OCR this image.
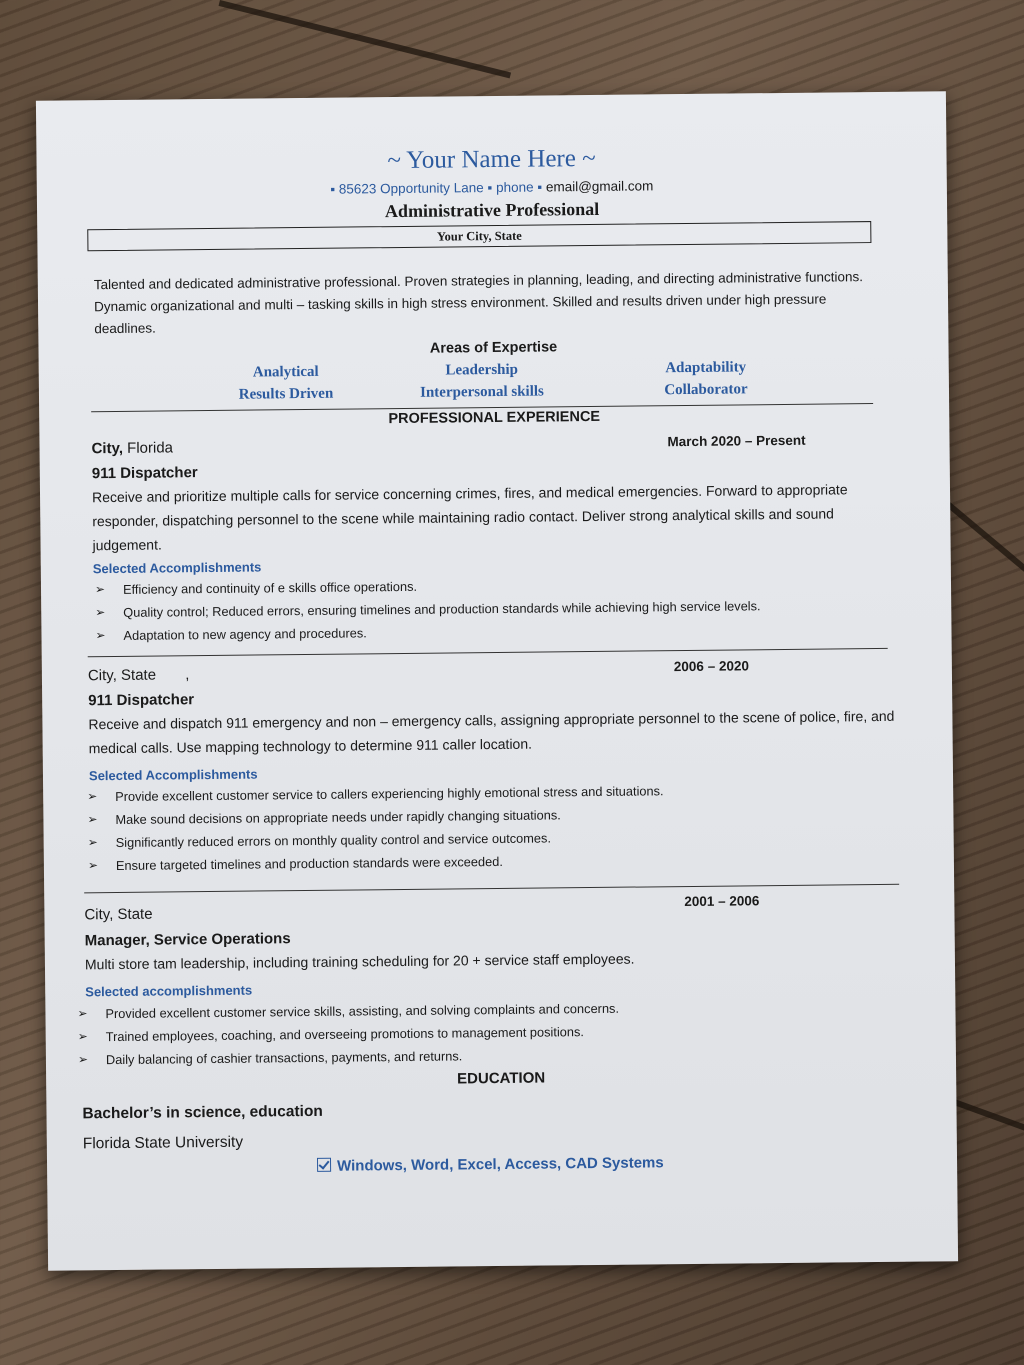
~ Your Name Here ~
▪ 85623 Opportunity Lane ▪ phone ▪ email@gmail.com
Administrative Professional
Your City, State
Talented and dedicated administrative professional. Proven strategies in planning, leading, and directing administrative functions. Dynamic organizational and multi – tasking skills in high stress environment. Skilled and results driven under high pressure deadlines.
Areas of Expertise
Analytical
Results Driven
Leadership
Interpersonal skills
Adaptability
Collaborator
PROFESSIONAL EXPERIENCE
City, Florida	March 2020 – Present
911 Dispatcher
Receive and prioritize multiple calls for service concerning crimes, fires, and medical emergencies. Forward to appropriate responder, dispatching personnel to the scene while maintaining radio contact. Deliver strong analytical skills and sound judgement.
Selected Accomplishments
➢ Efficiency and continuity of e skills office operations.
➢ Quality control; Reduced errors, ensuring timelines and production standards while achieving high service levels.
➢ Adaptation to new agency and procedures.
City, State       ,	2006 – 2020
911 Dispatcher
Receive and dispatch 911 emergency and non – emergency calls, assigning appropriate personnel to the scene of police, fire, and medical calls. Use mapping technology to determine 911 caller location.
Selected Accomplishments
➢ Provide excellent customer service to callers experiencing highly emotional stress and situations.
➢ Make sound decisions on appropriate needs under rapidly changing situations.
➢ Significantly reduced errors on monthly quality control and service outcomes.
➢ Ensure targeted timelines and production standards were exceeded.
City, State
2001 – 2006
Manager, Service Operations
Multi store tam leadership, including training scheduling for 20 + service staff employees.
Selected accomplishments
➢ Provided excellent customer service skills, assisting, and solving complaints and concerns.
➢ Trained employees, coaching, and overseeing promotions to management positions.
➢ Daily balancing of cashier transactions, payments, and returns.
EDUCATION
Bachelor’s in science, education
Florida State University
Windows, Word, Excel, Access, CAD Systems
